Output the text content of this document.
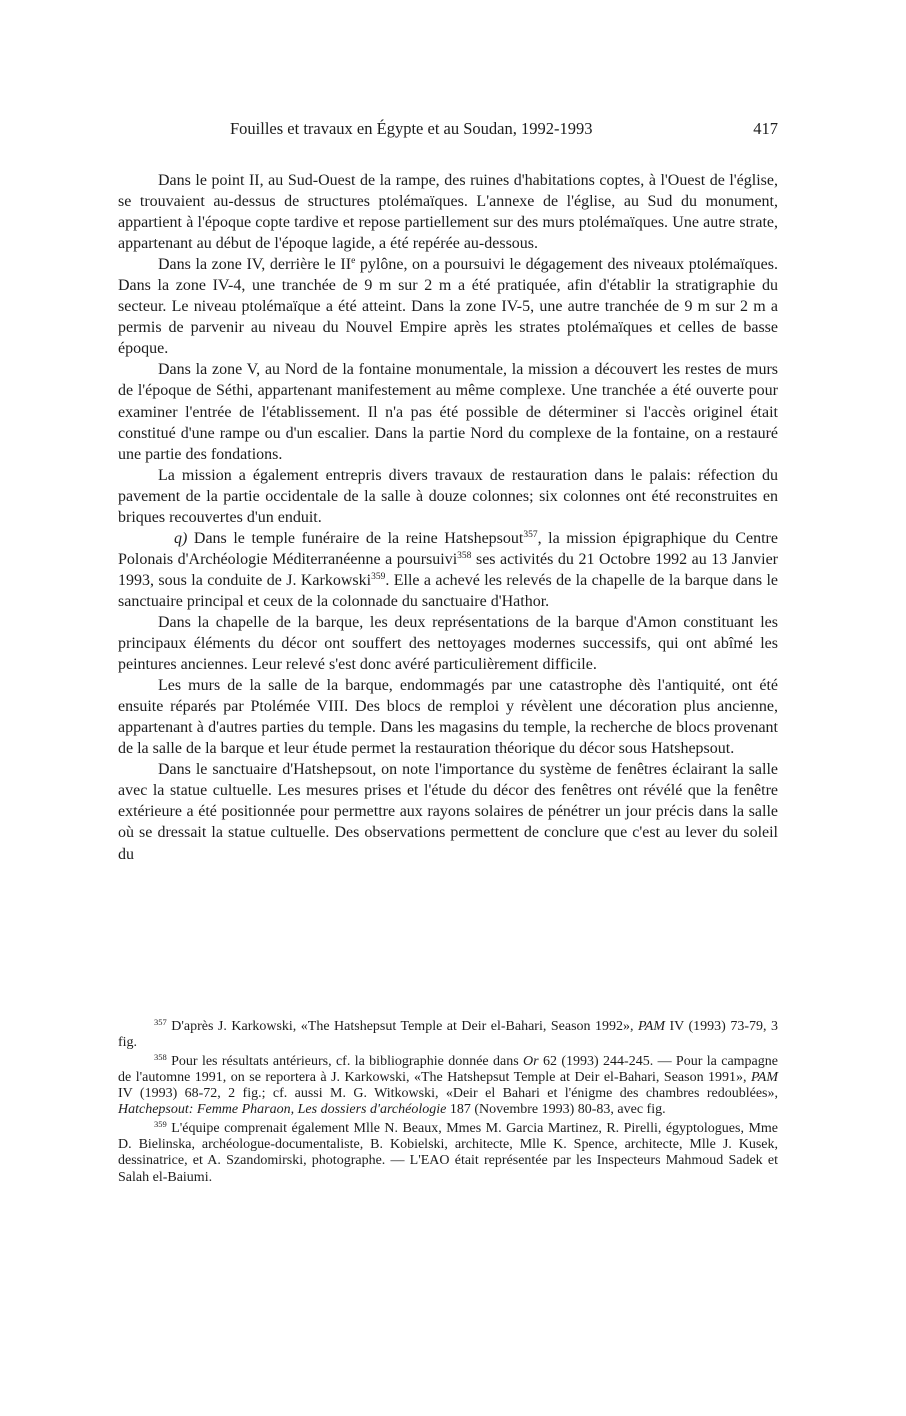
Fouilles et travaux en Égypte et au Soudan, 1992-1993	417

Dans le point II, au Sud-Ouest de la rampe, des ruines d'habitations coptes, à l'Ouest de l'église, se trouvaient au-dessus de structures ptolémaïques. L'annexe de l'église, au Sud du monument, appartient à l'époque copte tardive et repose partiellement sur des murs ptolémaïques. Une autre strate, appartenant au début de l'époque lagide, a été repérée au-dessous.

Dans la zone IV, derrière le IIe pylône, on a poursuivi le dégagement des niveaux ptolémaïques. Dans la zone IV-4, une tranchée de 9 m sur 2 m a été pratiquée, afin d'établir la stratigraphie du secteur. Le niveau ptolémaïque a été atteint. Dans la zone IV-5, une autre tranchée de 9 m sur 2 m a permis de parvenir au niveau du Nouvel Empire après les strates ptolémaïques et celles de basse époque.

Dans la zone V, au Nord de la fontaine monumentale, la mission a découvert les restes de murs de l'époque de Séthi, appartenant manifestement au même complexe. Une tranchée a été ouverte pour examiner l'entrée de l'établissement. Il n'a pas été possible de déterminer si l'accès originel était constitué d'une rampe ou d'un escalier. Dans la partie Nord du complexe de la fontaine, on a restauré une partie des fondations.

La mission a également entrepris divers travaux de restauration dans le palais: réfection du pavement de la partie occidentale de la salle à douze colonnes; six colonnes ont été reconstruites en briques recouvertes d'un enduit.

q) Dans le temple funéraire de la reine Hatshepsout$^{357}$, la mission épigraphique du Centre Polonais d'Archéologie Méditerranéenne a poursuivi$^{358}$ ses activités du 21 Octobre 1992 au 13 Janvier 1993, sous la conduite de J. Karkowski$^{359}$. Elle a achevé les relevés de la chapelle de la barque dans le sanctuaire principal et ceux de la colonnade du sanctuaire d'Hathor.

Dans la chapelle de la barque, les deux représentations de la barque d'Amon constituant les principaux éléments du décor ont souffert des nettoyages modernes successifs, qui ont abîmé les peintures anciennes. Leur relevé s'est donc avéré particulièrement difficile.

Les murs de la salle de la barque, endommagés par une catastrophe dès l'antiquité, ont été ensuite réparés par Ptolémée VIII. Des blocs de remploi y révèlent une décoration plus ancienne, appartenant à d'autres parties du temple. Dans les magasins du temple, la recherche de blocs provenant de la salle de la barque et leur étude permet la restauration théorique du décor sous Hatshepsout.

Dans le sanctuaire d'Hatshepsout, on note l'importance du système de fenêtres éclairant la salle avec la statue cultuelle. Les mesures prises et l'étude du décor des fenêtres ont révélé que la fenêtre extérieure a été positionnée pour permettre aux rayons solaires de pénétrer un jour précis dans la salle où se dressait la statue cultuelle. Des observations permettent de conclure que c'est au lever du soleil du

$^{357}$ D'après J. Karkowski, «The Hatshepsut Temple at Deir el-Bahari, Season 1992», PAM IV (1993) 73-79, 3 fig.

$^{358}$ Pour les résultats antérieurs, cf. la bibliographie donnée dans Or 62 (1993) 244-245. — Pour la campagne de l'automne 1991, on se reportera à J. Karkowski, «The Hatshepsut Temple at Deir el-Bahari, Season 1991», PAM IV (1993) 68-72, 2 fig.; cf. aussi M. G. Witkowski, «Deir el Bahari et l'énigme des chambres redoublées», Hatchepsout: Femme Pharaon, Les dossiers d'archéologie 187 (Novembre 1993) 80-83, avec fig.

$^{359}$ L'équipe comprenait également Mlle N. Beaux, Mmes M. Garcia Martinez, R. Pirelli, égyptologues, Mme D. Bielinska, archéologue-documentaliste, B. Kobielski, architecte, Mlle K. Spence, architecte, Mlle J. Kusek, dessinatrice, et A. Szandomirski, photographe. — L'EAO était représentée par les Inspecteurs Mahmoud Sadek et Salah el-Baiumi.
